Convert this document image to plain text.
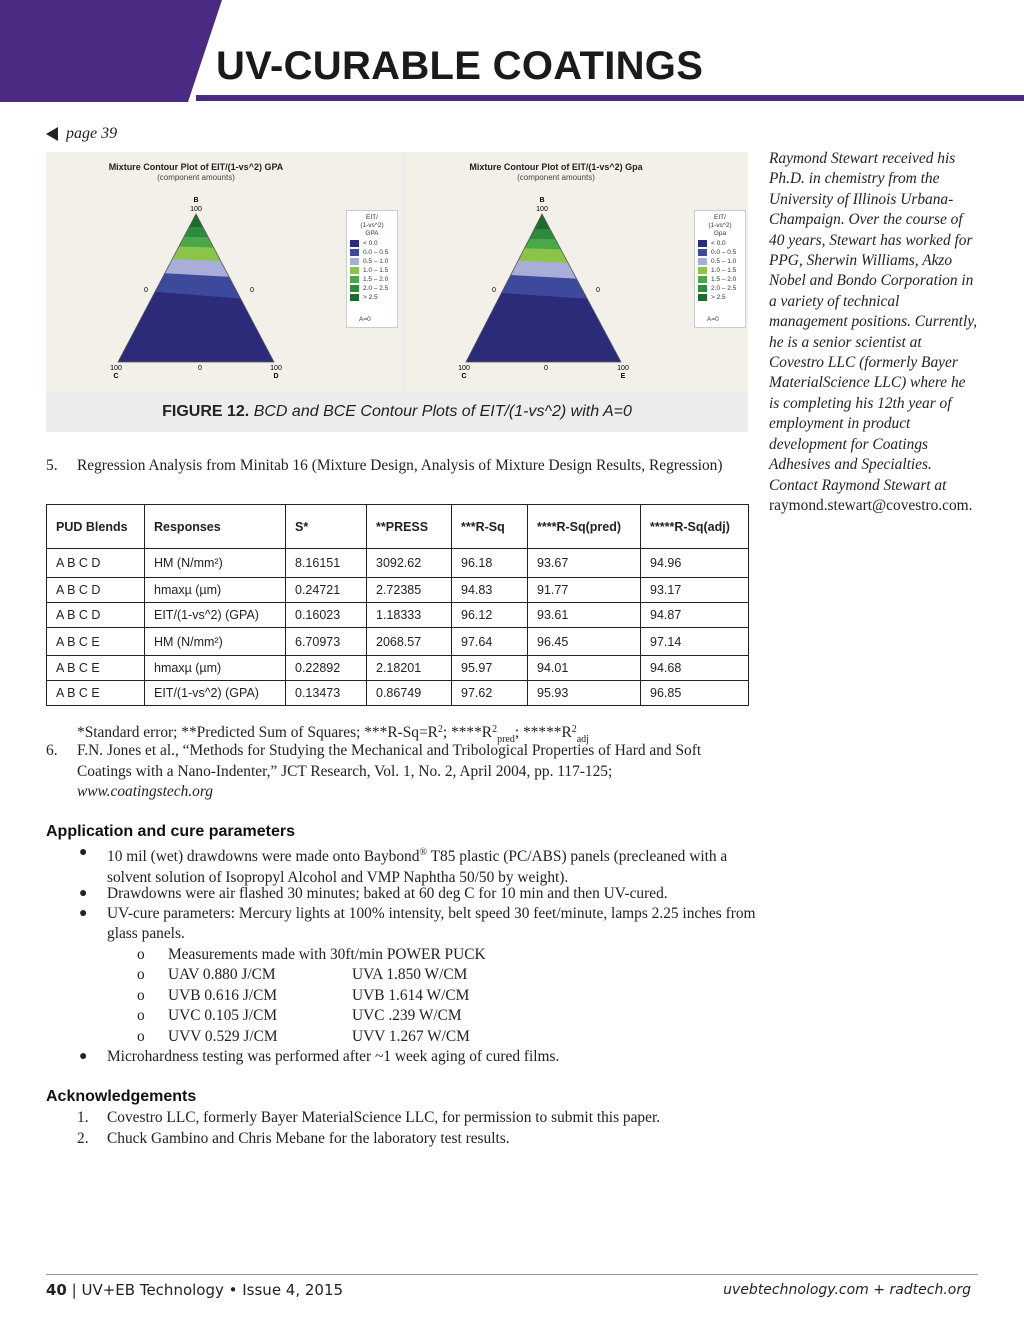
UV-CURABLE COATINGS
page 39
Mixture Contour Plot of EIT/(1-vs^2) GPA
(component amounts)
B
100
0	0
100
C
0	100
D
EIT/
(1-vs^2)
GPA
< 0.0
0.0 – 0.5
0.5 – 1.0
1.0 – 1.5
1.5 – 2.0
2.0 – 2.5
> 2.5
A=0
Mixture Contour Plot of EIT/(1-vs^2) Gpa
(component amounts)
B
100
0	0
100
C
0	100
E
EIT/
(1-vs^2)
Gpa
< 0.0
0.0 – 0.5
0.5 – 1.0
1.0 – 1.5
1.5 – 2.0
2.0 – 2.5
> 2.5
A=0
FIGURE 12. BCD and BCE Contour Plots of EIT/(1-vs^2) with A=0
Raymond Stewart received his Ph.D. in chemistry from the University of Illinois Urbana-Champaign. Over the course of 40 years, Stewart has worked for PPG, Sherwin Williams, Akzo Nobel and Bondo Corporation in a variety of technical management positions. Currently, he is a senior scientist at Covestro LLC (formerly Bayer MaterialScience LLC) where he is completing his 12th year of employment in product development for Coatings Adhesives and Specialties. Contact Raymond Stewart at raymond.stewart@covestro.com.
5. Regression Analysis from Minitab 16 (Mixture Design, Analysis of Mixture Design Results, Regression)
PUD Blends	Responses	S*	**PRESS	***R-Sq	****R-Sq(pred)	*****R-Sq(adj)
A B C D	HM (N/mm²)	8.16151	3092.62	96.18	93.67	94.96
A B C D	hmaxµ (µm)	0.24721	2.72385	94.83	91.77	93.17
A B C D	EIT/(1-vs^2) (GPA)	0.16023	1.18333	96.12	93.61	94.87
A B C E	HM (N/mm²)	6.70973	2068.57	97.64	96.45	97.14
A B C E	hmaxµ (µm)	0.22892	2.18201	95.97	94.01	94.68
A B C E	EIT/(1-vs^2) (GPA)	0.13473	0.86749	97.62	95.93	96.85
*Standard error; **Predicted Sum of Squares; $***R-Sq=R^2$; $****R^2_{pred}$; $*****R^2_{adj}$
6. F.N. Jones et al., “Methods for Studying the Mechanical and Tribological Properties of Hard and Soft Coatings with a Nano-Indenter,” JCT Research, Vol. 1, No. 2, April 2004, pp. 117-125;
www.coatingstech.org
Application and cure parameters
● 10 mil (wet) drawdowns were made onto Baybond® T85 plastic (PC/ABS) panels (precleaned with a solvent solution of Isopropyl Alcohol and VMP Naphtha 50/50 by weight).
● Drawdowns were air flashed 30 minutes; baked at 60 deg C for 10 min and then UV-cured.
● UV-cure parameters: Mercury lights at 100% intensity, belt speed 30 feet/minute, lamps 2.25 inches from glass panels.
o Measurements made with 30ft/min POWER PUCK
o UAV 0.880 J/CM	UVA 1.850 W/CM
o UVB 0.616 J/CM	UVB 1.614 W/CM
o UVC 0.105 J/CM	UVC .239 W/CM
o UVV 0.529 J/CM	UVV 1.267 W/CM
● Microhardness testing was performed after ~1 week aging of cured films.
Acknowledgements
1. Covestro LLC, formerly Bayer MaterialScience LLC, for permission to submit this paper.
2. Chuck Gambino and Chris Mebane for the laboratory test results.
40 | UV+EB Technology • Issue 4, 2015	uvebtechnology.com + radtech.org
